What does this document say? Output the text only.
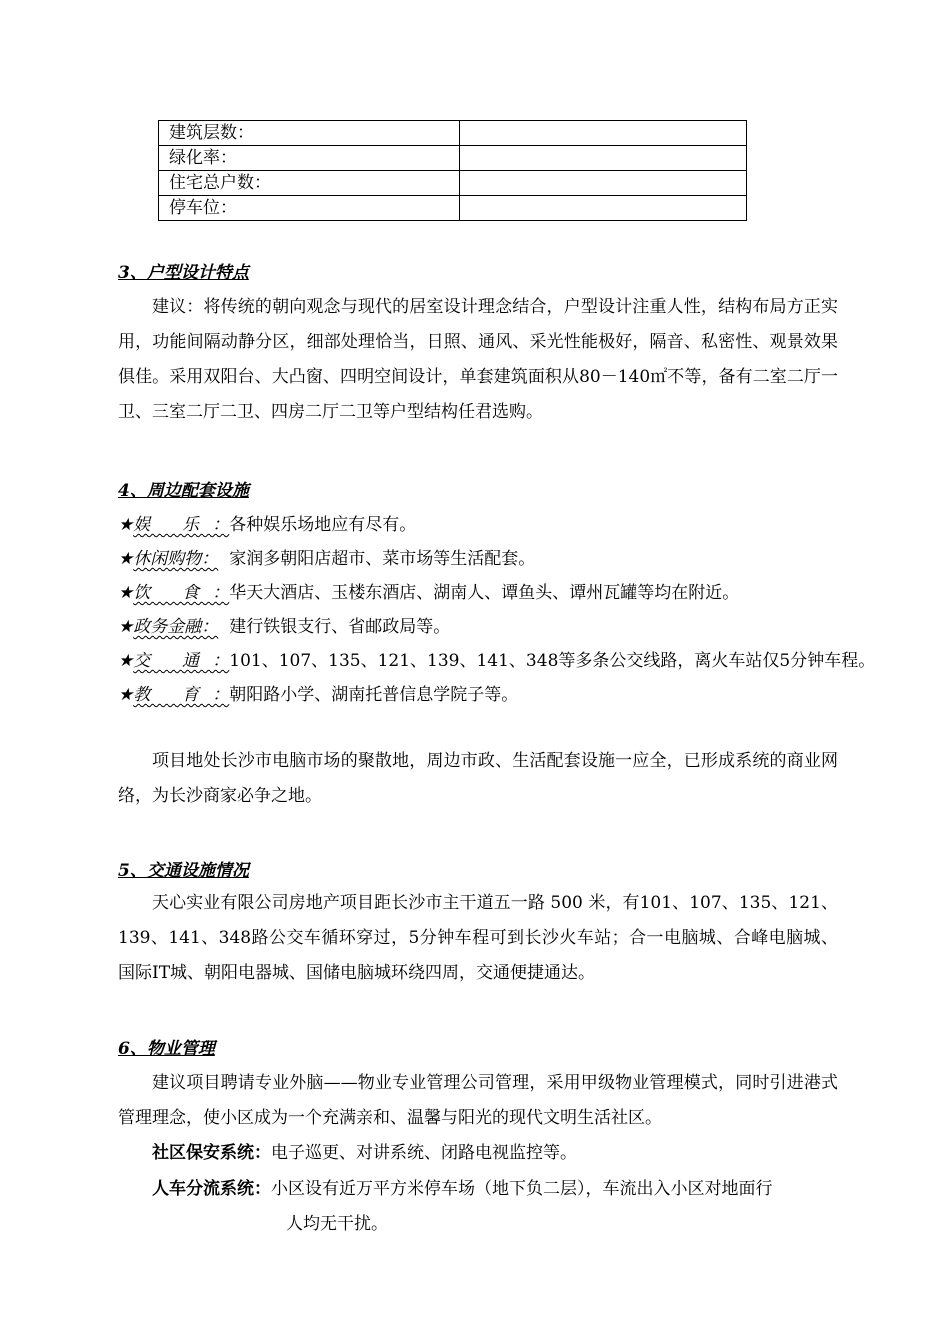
建筑层数：	
绿化率：	
住宅总户数：	
停车位：	
3、户型设计特点

建议：将传统的朝向观念与现代的居室设计理念结合，户型设计注重人性，结构布局方正实用，功能间隔动静分区，细部处理恰当，日照、通风、采光性能极好，隔音、私密性、观景效果俱佳。采用双阳台、大凸窗、四明空间设计，单套建筑面积从80－140㎡不等，备有二室二厅一卫、三室二厅二卫、四房二厅二卫等户型结构任君选购。

4、周边配套设施
★娱 乐：各种娱乐场地应有尽有。
★休闲购物： 家润多朝阳店超市、菜市场等生活配套。
★饮 食：华天大酒店、玉楼东酒店、湖南人、谭鱼头、谭州瓦罐等均在附近。
★政务金融： 建行铁银支行、省邮政局等。
★交 通：101、107、135、121、139、141、348等多条公交线路，离火车站仅5分钟车程。
★教 育：朝阳路小学、湖南托普信息学院子等。

项目地处长沙市电脑市场的聚散地，周边市政、生活配套设施一应全，已形成系统的商业网络，为长沙商家必争之地。

5、交通设施情况

天心实业有限公司房地产项目距长沙市主干道五一路 500 米，有101、107、135、121、139、141、348路公交车循环穿过，5分钟车程可到长沙火车站；合一电脑城、合峰电脑城、国际IT城、朝阳电器城、国储电脑城环绕四周，交通便捷通达。

6、物业管理

建议项目聘请专业外脑——物业专业管理公司管理，采用甲级物业管理模式，同时引进港式管理理念，使小区成为一个充满亲和、温馨与阳光的现代文明生活社区。

社区保安系统：电子巡更、对讲系统、闭路电视监控等。
人车分流系统：小区设有近万平方米停车场（地下负二层），车流出入小区对地面行
人均无干扰。
